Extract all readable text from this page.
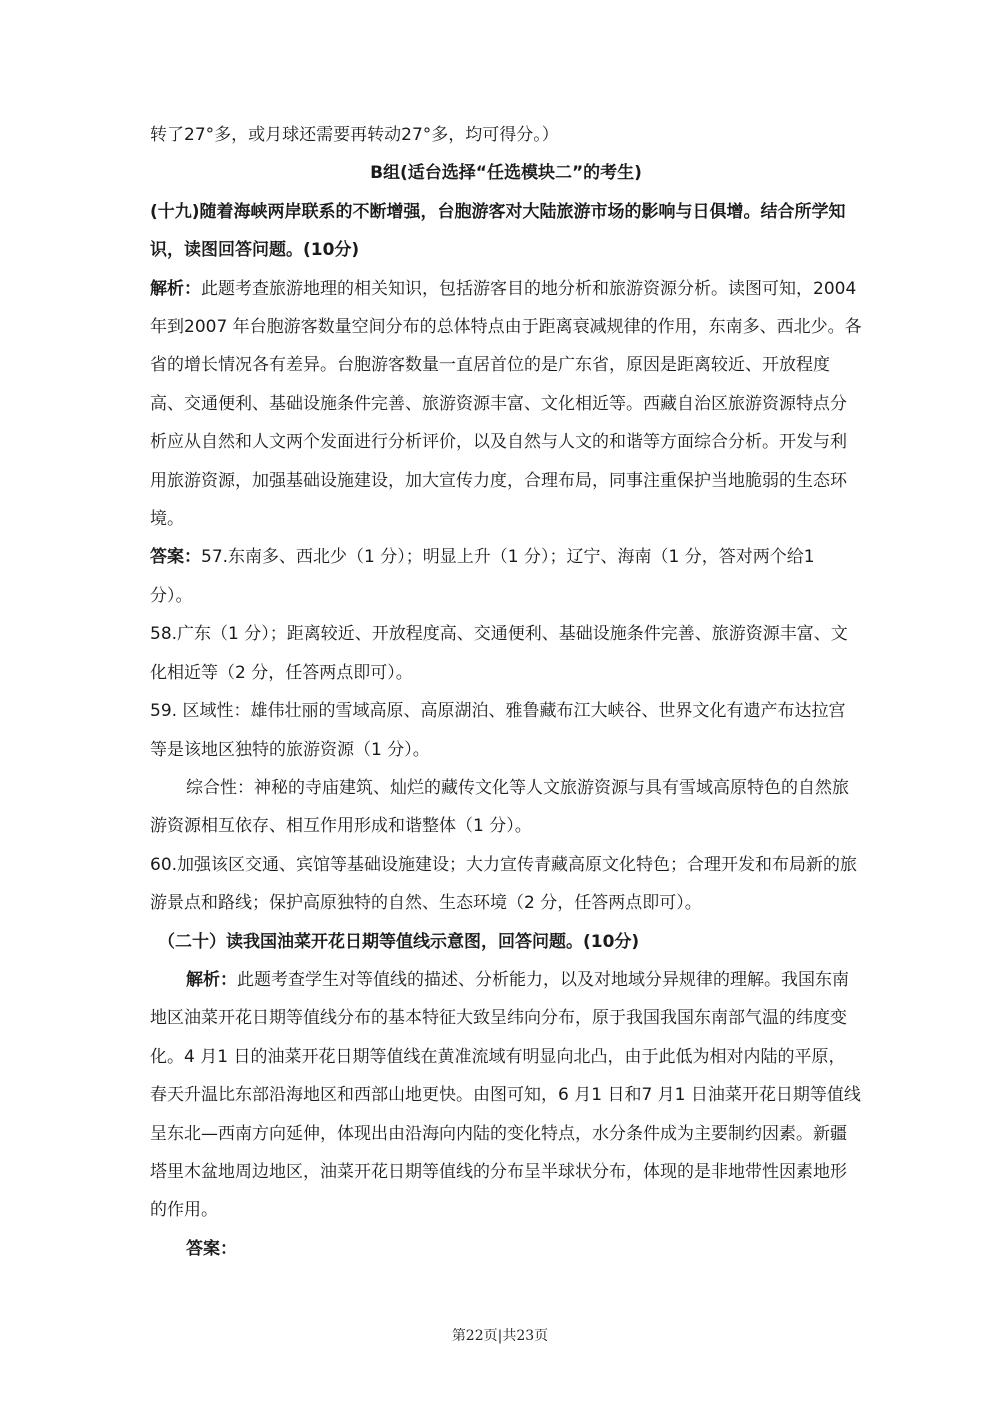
转了27°多，或月球还需要再转动27°多，均可得分。）

B组(适台选择“任选模块二”的考生)

(十九)随着海峡两岸联系的不断增强，台胞游客对大陆旅游市场的影响与日俱增。结合所学知识，读图回答问题。(10分)

解析：此题考查旅游地理的相关知识，包括游客目的地分析和旅游资源分析。读图可知，2004 年到2007 年台胞游客数量空间分布的总体特点由于距离衰减规律的作用，东南多、西北少。各省的增长情况各有差异。台胞游客数量一直居首位的是广东省，原因是距离较近、开放程度高、交通便利、基础设施条件完善、旅游资源丰富、文化相近等。西藏自治区旅游资源特点分析应从自然和人文两个发面进行分析评价，以及自然与人文的和谐等方面综合分析。开发与利用旅游资源，加强基础设施建设，加大宣传力度，合理布局，同事注重保护当地脆弱的生态环境。

答案：57.东南多、西北少（1 分）；明显上升（1 分）；辽宁、海南（1 分，答对两个给1 分）。

58.广东（1 分）；距离较近、开放程度高、交通便利、基础设施条件完善、旅游资源丰富、文化相近等（2 分，任答两点即可）。

59. 区域性：雄伟壮丽的雪域高原、高原湖泊、雅鲁藏布江大峡谷、世界文化有遗产布达拉宫等是该地区独特的旅游资源（1 分）。

综合性：神秘的寺庙建筑、灿烂的藏传文化等人文旅游资源与具有雪域高原特色的自然旅游资源相互依存、相互作用形成和谐整体（1 分）。

60.加强该区交通、宾馆等基础设施建设；大力宣传青藏高原文化特色；合理开发和布局新的旅游景点和路线；保护高原独特的自然、生态环境（2 分，任答两点即可）。

（二十）读我国油菜开花日期等值线示意图，回答问题。(10分)

解析：此题考查学生对等值线的描述、分析能力，以及对地域分异规律的理解。我国东南地区油菜开花日期等值线分布的基本特征大致呈纬向分布，原于我国我国东南部气温的纬度变化。4 月1 日的油菜开花日期等值线在黄准流域有明显向北凸，由于此低为相对内陆的平原，春天升温比东部沿海地区和西部山地更快。由图可知，6 月1 日和7 月1 日油菜开花日期等值线呈东北—西南方向延伸，体现出由沿海向内陆的变化特点，水分条件成为主要制约因素。新疆塔里木盆地周边地区，油菜开花日期等值线的分布呈半球状分布，体现的是非地带性因素地形的作用。

答案：

第22页|共23页
